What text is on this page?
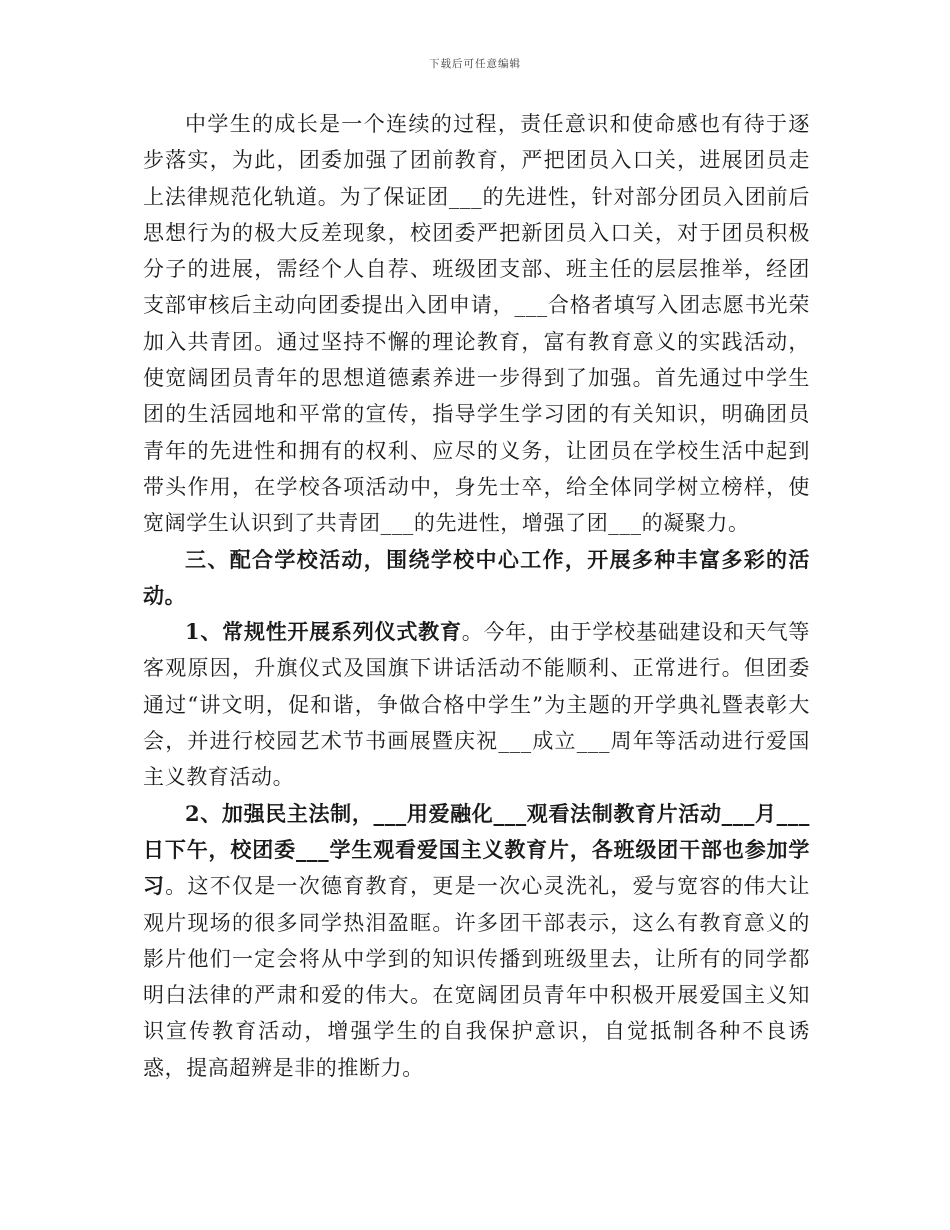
下载后可任意编辑

中学生的成长是一个连续的过程，责任意识和使命感也有待于逐步落实，为此，团委加强了团前教育，严把团员入口关，进展团员走上法律规范化轨道。为了保证团___的先进性，针对部分团员入团前后思想行为的极大反差现象，校团委严把新团员入口关，对于团员积极分子的进展，需经个人自荐、班级团支部、班主任的层层推举，经团支部审核后主动向团委提出入团申请，___合格者填写入团志愿书光荣加入共青团。通过坚持不懈的理论教育，富有教育意义的实践活动，使宽阔团员青年的思想道德素养进一步得到了加强。首先通过中学生团的生活园地和平常的宣传，指导学生学习团的有关知识，明确团员青年的先进性和拥有的权利、应尽的义务，让团员在学校生活中起到带头作用，在学校各项活动中，身先士卒，给全体同学树立榜样，使宽阔学生认识到了共青团___的先进性，增强了团___的凝聚力。

三、配合学校活动，围绕学校中心工作，开展多种丰富多彩的活动。

1、常规性开展系列仪式教育。今年，由于学校基础建设和天气等客观原因，升旗仪式及国旗下讲话活动不能顺利、正常进行。但团委通过“讲文明，促和谐，争做合格中学生”为主题的开学典礼暨表彰大会，并进行校园艺术节书画展暨庆祝___成立___周年等活动进行爱国主义教育活动。

2、加强民主法制，___用爱融化___观看法制教育片活动___月___日下午，校团委___学生观看爱国主义教育片，各班级团干部也参加学习。这不仅是一次德育教育，更是一次心灵洗礼，爱与宽容的伟大让观片现场的很多同学热泪盈眶。许多团干部表示，这么有教育意义的影片他们一定会将从中学到的知识传播到班级里去，让所有的同学都明白法律的严肃和爱的伟大。在宽阔团员青年中积极开展爱国主义知识宣传教育活动，增强学生的自我保护意识，自觉抵制各种不良诱惑，提高超辨是非的推断力。
